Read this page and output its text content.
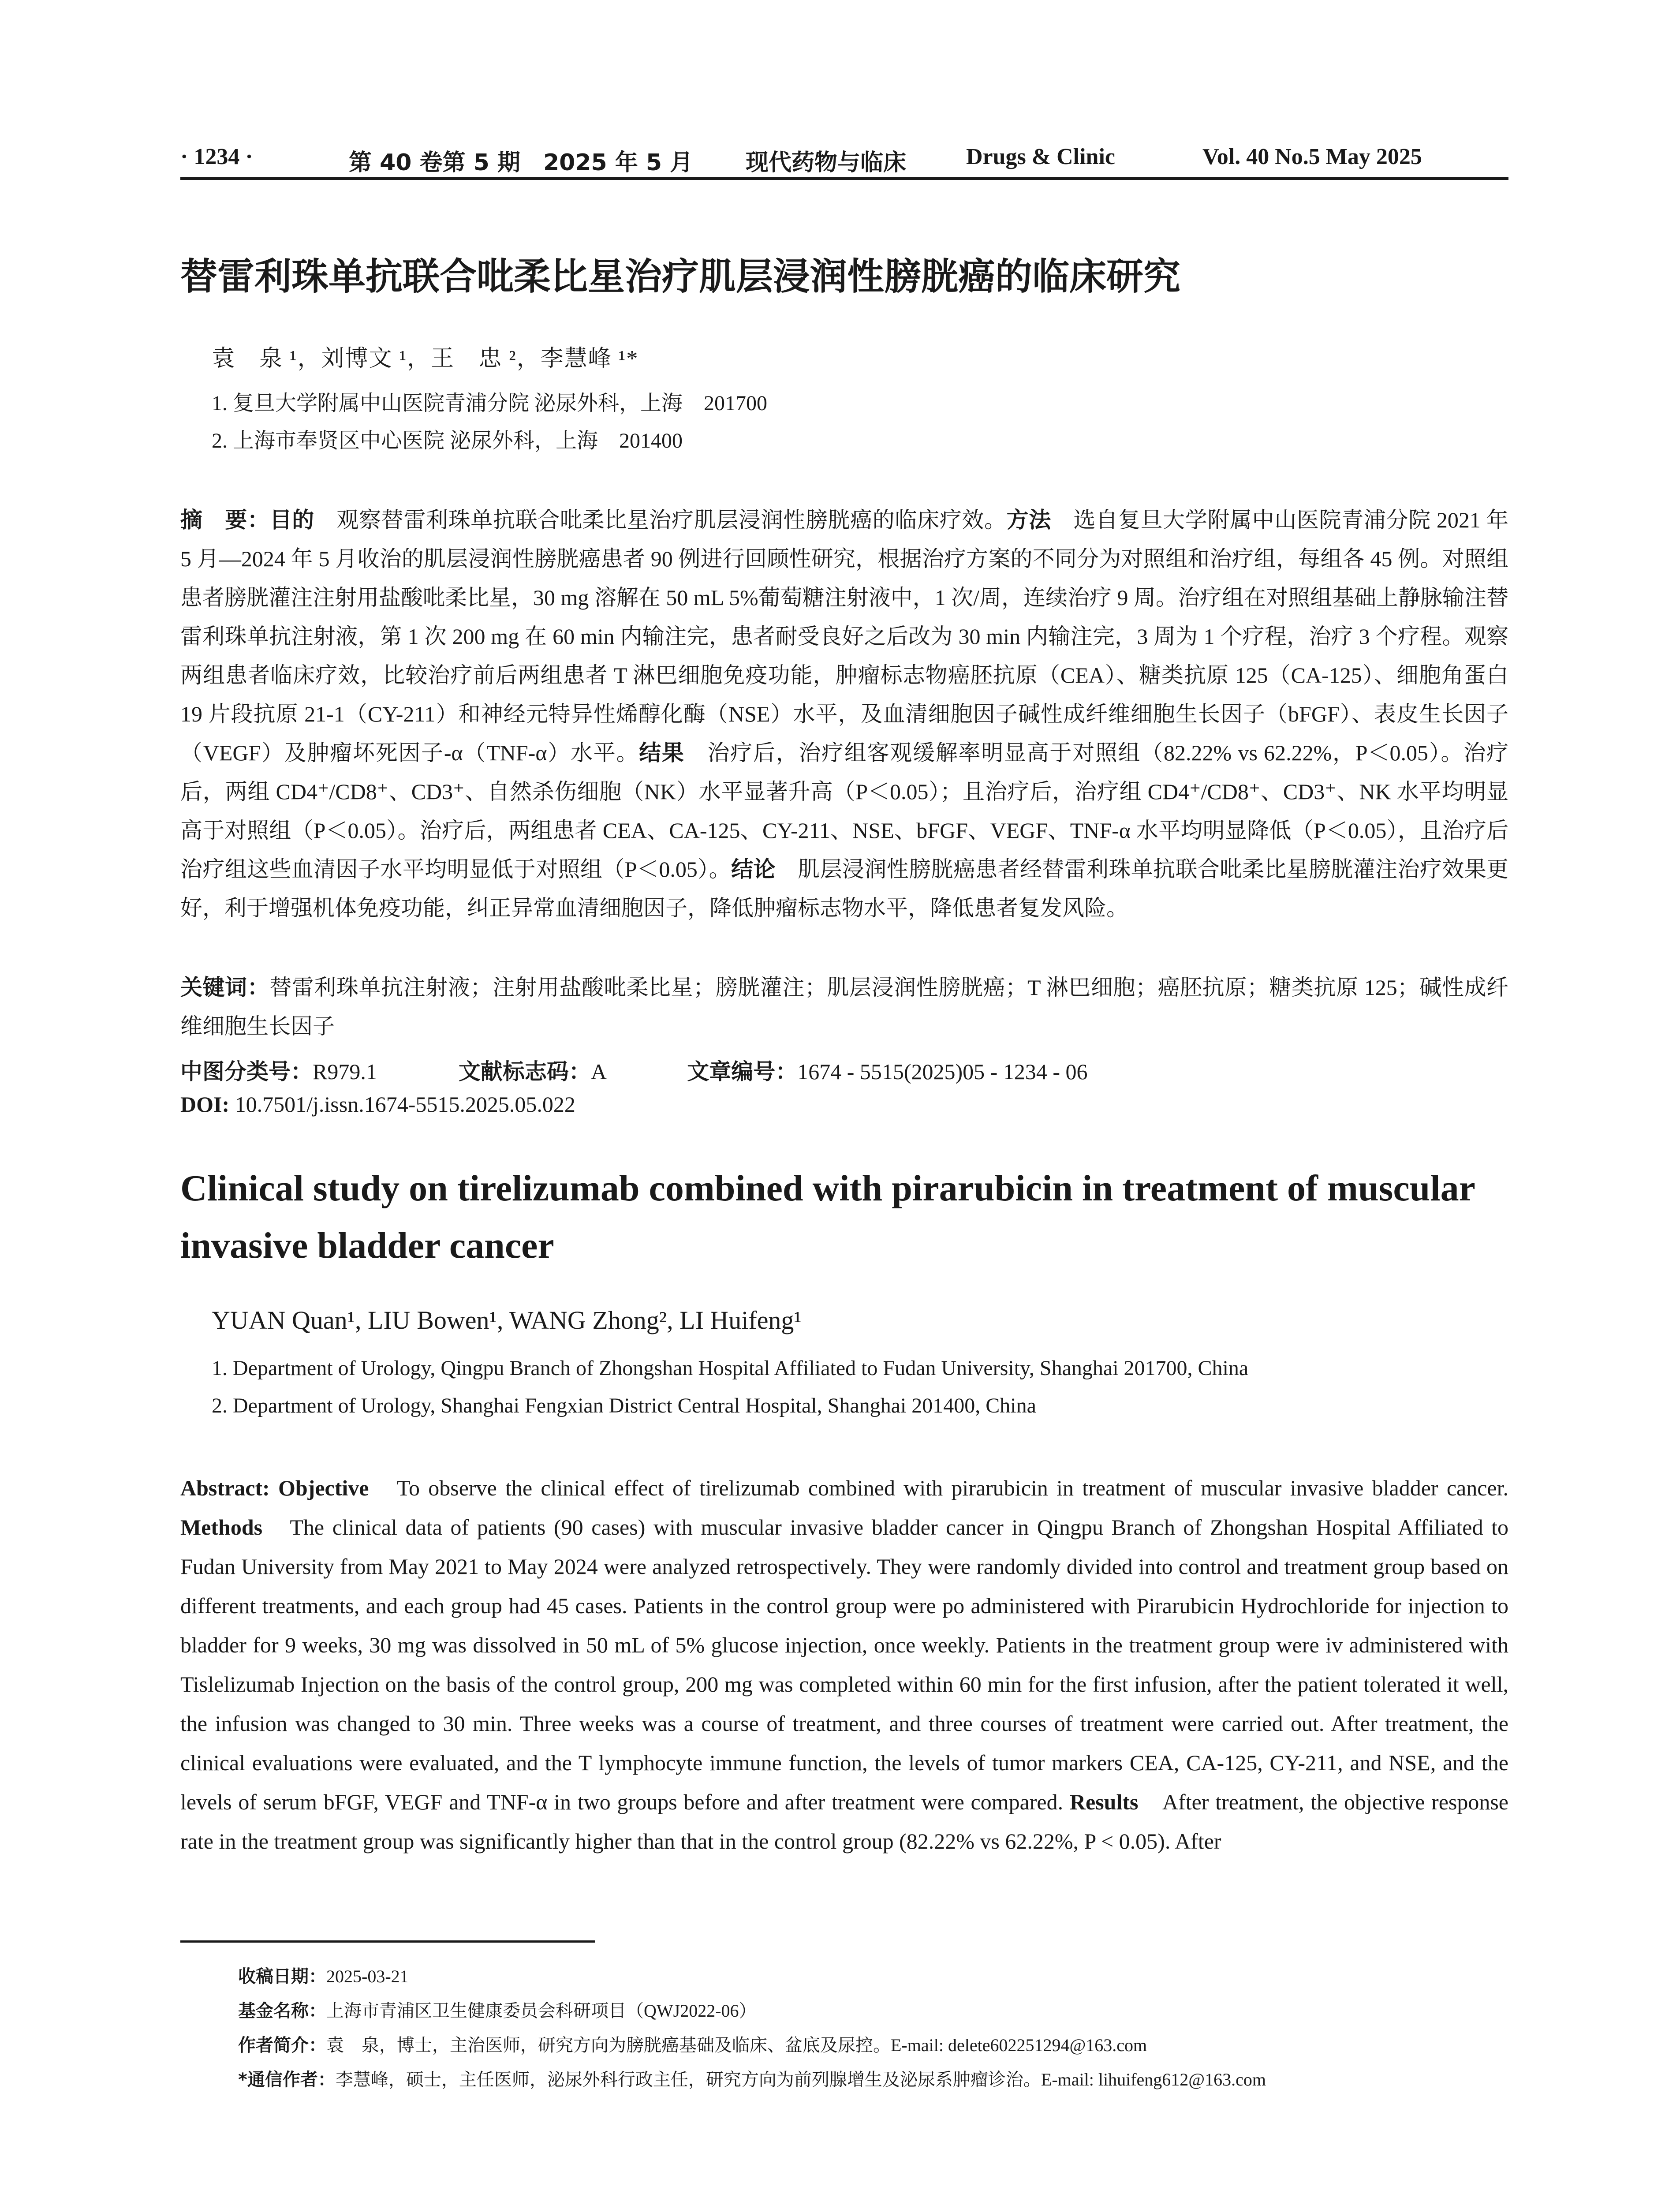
· 1234 ·	第 40 卷第 5 期　2025 年 5 月 现代药物与临床	Drugs & Clinic	Vol. 40 No.5 May 2025
替雷利珠单抗联合吡柔比星治疗肌层浸润性膀胱癌的临床研究
袁　泉 ¹，刘博文 ¹，王　忠 ²，李慧峰 ¹*
1. 复旦大学附属中山医院青浦分院 泌尿外科，上海　201700
2. 上海市奉贤区中心医院 泌尿外科，上海　201400
摘　要：目的　观察替雷利珠单抗联合吡柔比星治疗肌层浸润性膀胱癌的临床疗效。方法　选自复旦大学附属中山医院青浦分院 2021 年 5 月—2024 年 5 月收治的肌层浸润性膀胱癌患者 90 例进行回顾性研究，根据治疗方案的不同分为对照组和治疗组，每组各 45 例。对照组患者膀胱灌注注射用盐酸吡柔比星，30 mg 溶解在 50 mL 5%葡萄糖注射液中，1 次/周，连续治疗 9 周。治疗组在对照组基础上静脉输注替雷利珠单抗注射液，第 1 次 200 mg 在 60 min 内输注完，患者耐受良好之后改为 30 min 内输注完，3 周为 1 个疗程，治疗 3 个疗程。观察两组患者临床疗效，比较治疗前后两组患者 T 淋巴细胞免疫功能，肿瘤标志物癌胚抗原（CEA）、糖类抗原 125（CA-125）、细胞角蛋白 19 片段抗原 21-1（CY-211）和神经元特异性烯醇化酶（NSE）水平，及血清细胞因子碱性成纤维细胞生长因子（bFGF）、表皮生长因子（VEGF）及肿瘤坏死因子-α（TNF-α）水平。结果　治疗后，治疗组客观缓解率明显高于对照组（82.22% vs 62.22%，P＜0.05）。治疗后，两组 CD4⁺/CD8⁺、CD3⁺、自然杀伤细胞（NK）水平显著升高（P＜0.05）；且治疗后，治疗组 CD4⁺/CD8⁺、CD3⁺、NK 水平均明显高于对照组（P＜0.05）。治疗后，两组患者 CEA、CA-125、CY-211、NSE、bFGF、VEGF、TNF-α 水平均明显降低（P＜0.05），且治疗后治疗组这些血清因子水平均明显低于对照组（P＜0.05）。结论　肌层浸润性膀胱癌患者经替雷利珠单抗联合吡柔比星膀胱灌注治疗效果更好，利于增强机体免疫功能，纠正异常血清细胞因子，降低肿瘤标志物水平，降低患者复发风险。
关键词：替雷利珠单抗注射液；注射用盐酸吡柔比星；膀胱灌注；肌层浸润性膀胱癌；T 淋巴细胞；癌胚抗原；糖类抗原 125；碱性成纤维细胞生长因子
中图分类号：R979.1	文献标志码：A	文章编号：1674 - 5515(2025)05 - 1234 - 06
DOI: 10.7501/j.issn.1674-5515.2025.05.022
Clinical study on tirelizumab combined with pirarubicin in treatment of muscular invasive bladder cancer
YUAN Quan¹, LIU Bowen¹, WANG Zhong², LI Huifeng¹
1. Department of Urology, Qingpu Branch of Zhongshan Hospital Affiliated to Fudan University, Shanghai 201700, China
2. Department of Urology, Shanghai Fengxian District Central Hospital, Shanghai 201400, China
Abstract: Objective　To observe the clinical effect of tirelizumab combined with pirarubicin in treatment of muscular invasive bladder cancer. Methods　The clinical data of patients (90 cases) with muscular invasive bladder cancer in Qingpu Branch of Zhongshan Hospital Affiliated to Fudan University from May 2021 to May 2024 were analyzed retrospectively. They were randomly divided into control and treatment group based on different treatments, and each group had 45 cases. Patients in the control group were po administered with Pirarubicin Hydrochloride for injection to bladder for 9 weeks, 30 mg was dissolved in 50 mL of 5% glucose injection, once weekly. Patients in the treatment group were iv administered with Tislelizumab Injection on the basis of the control group, 200 mg was completed within 60 min for the first infusion, after the patient tolerated it well, the infusion was changed to 30 min. Three weeks was a course of treatment, and three courses of treatment were carried out. After treatment, the clinical evaluations were evaluated, and the T lymphocyte immune function, the levels of tumor markers CEA, CA-125, CY-211, and NSE, and the levels of serum bFGF, VEGF and TNF-α in two groups before and after treatment were compared. Results　After treatment, the objective response rate in the treatment group was significantly higher than that in the control group (82.22% vs 62.22%, P < 0.05). After
收稿日期：2025-03-21
基金名称：上海市青浦区卫生健康委员会科研项目（QWJ2022-06）
作者简介：袁　泉，博士，主治医师，研究方向为膀胱癌基础及临床、盆底及尿控。E-mail: delete602251294@163.com
*通信作者：李慧峰，硕士，主任医师，泌尿外科行政主任，研究方向为前列腺增生及泌尿系肿瘤诊治。E-mail: lihuifeng612@163.com
